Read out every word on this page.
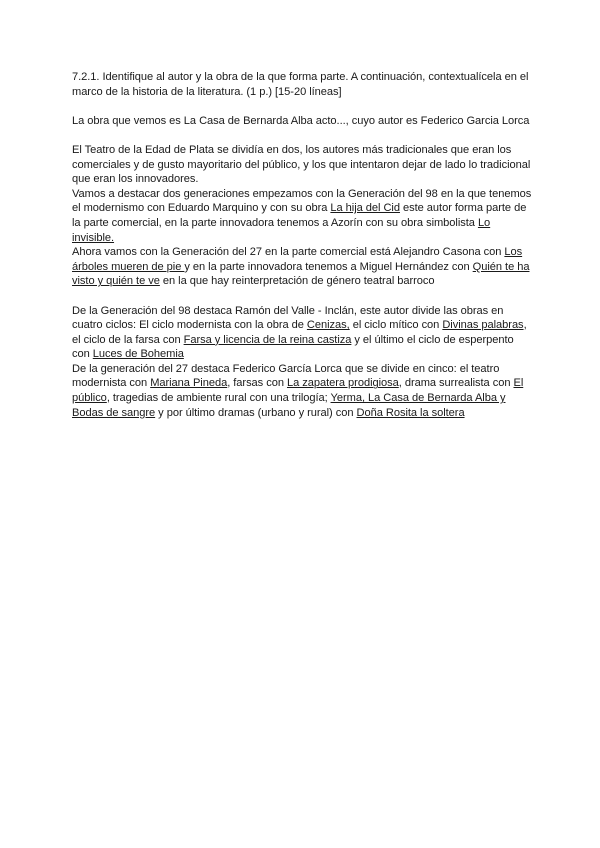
7.2.1. Identifique al autor y la obra de la que forma parte. A continuación, contextualícela en el marco de la historia de la literatura. (1 p.) [15-20 líneas]

La obra que vemos es La Casa de Bernarda Alba acto..., cuyo autor es Federico Garcia Lorca

El Teatro de la Edad de Plata se dividía en dos, los autores más tradicionales que eran los comerciales y de gusto mayoritario del público, y los que intentaron dejar de lado lo tradicional que eran los innovadores.

Vamos a destacar dos generaciones empezamos con la Generación del 98 en la que tenemos el modernismo con Eduardo Marquino y con su obra La hija del Cid este autor forma parte de la parte comercial, en la parte innovadora tenemos a Azorín con su obra simbolista Lo invisible.

Ahora vamos con la Generación del 27 en la parte comercial está Alejandro Casona con Los árboles mueren de pie y en la parte innovadora tenemos a Miguel Hernández con Quién te ha visto y quién te ve en la que hay reinterpretación de género teatral barroco

De la Generación del 98 destaca Ramón del Valle - Inclán, este autor divide las obras en cuatro ciclos: El ciclo modernista con la obra de Cenizas, el ciclo mítico con Divinas palabras, el ciclo de la farsa con Farsa y licencia de la reina castiza y el último el ciclo de esperpento con Luces de Bohemia

De la generación del 27 destaca Federico García Lorca que se divide en cinco: el teatro modernista con Mariana Pineda, farsas con La zapatera prodigiosa, drama surrealista con El público, tragedias de ambiente rural con una trilogía; Yerma, La Casa de Bernarda Alba y Bodas de sangre y por último dramas (urbano y rural) con Doña Rosita la soltera
